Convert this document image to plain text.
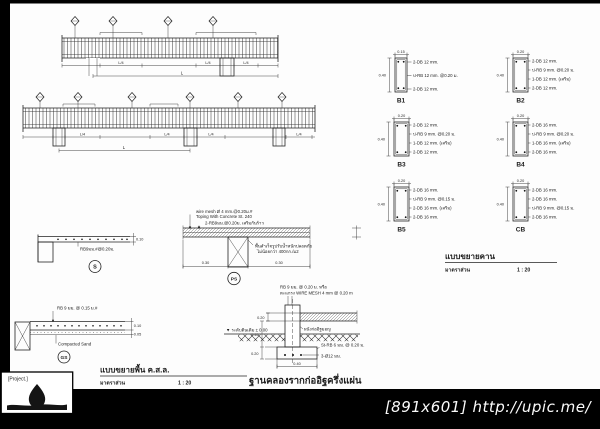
L/4	L/4	L/4
L
L/4	L/4	L/4	L/4
L
0.15
0.40
2-DB 12 mm.
ป-RB 12 mm. @0.20 ม.
2-DB 12 mm.
B1
0.20
0.40
2-DB 12 mm.
ป-RB 9 mm. @0.20 ม.
1-DB 12 mm. (เสริม)
2-DB 12 mm.
B2
0.20
0.40
2-DB 12 mm.
ป-RB 9 mm. @0.20 ม.
1-DB 12 mm. (เสริม)
2-DB 12 mm.
B3
0.20
0.40
2-DB 16 mm.
ป-RB 9 mm. @0.20 ม.
1-DB 16 mm. (เสริม)
2-DB 16 mm.
B4
0.20
0.40
2-DB 16 mm.
ป-RB 9 mm. @0.15 ม.
2-DB 16 mm. (เสริม)
2-DB 16 mm.
B5
0.20
0.40
2-DB 16 mm.
2-DB 16 mm.
ป-RB 9 mm. @0.15 ม.
2-DB 16 mm.
CB
แบบขยายคาน
มาตราส่วน	1 : 20
RB9มม.#@0.20ม.
0.10
S
wire mesh Ø 4 mm.@0.20ม.#
Toping With Concrete St. 240
2-RB9มม.@0.20ม. เสริมกันร้าว
พื้นสำเร็จรูปรับน้ำหนักปลอดภัย
ไม่น้อยกว่า 400กก./ม2
0.30	0.30
PS
0.10
0.05
RB 9 มม. @ 0.15 ม.#
Compacted Sand
GS
แบบขยายพื้น ค.ส.ล.
มาตราส่วน	1 : 20
RB 9 มม. @ 0.20 ม. หรือ
ตะแกรง WIRE MESH 4 mm @ 0.20 m
ผนังก่ออิฐมอญ
▼ ระดับดินเดิม ± 0.00
St-RB 6 มม. @ 0.20 ม.
3-Ø12 มม.
0.40
0.20
0.20
0.40
ฐานคลองรากก่ออิฐครึ่งแผ่น
[Project.]
[891x601] http://upic.me/
